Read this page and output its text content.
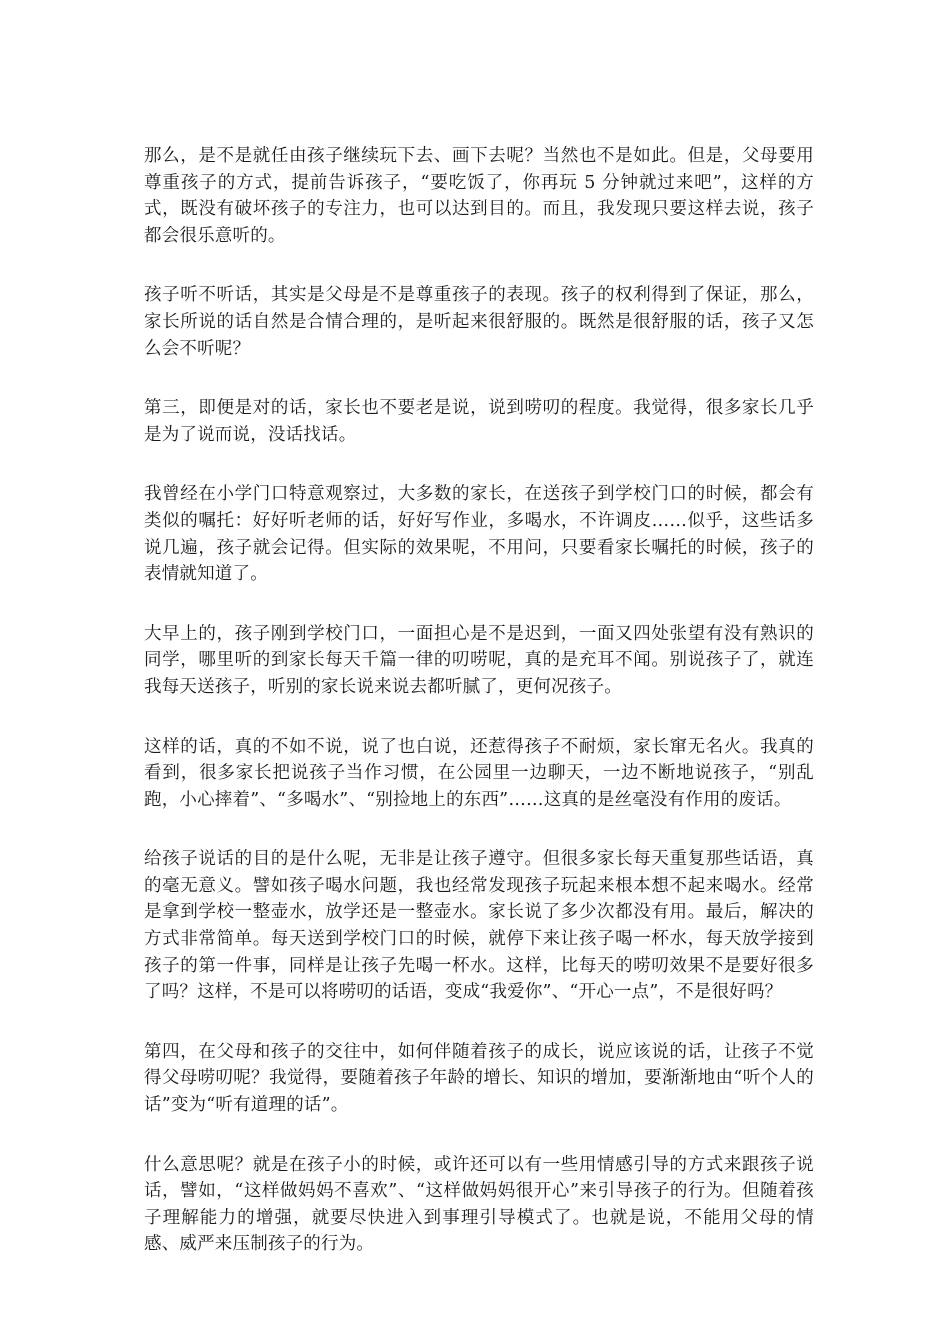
那么，是不是就任由孩子继续玩下去、画下去呢？当然也不是如此。但是，父母要用尊重孩子的方式，提前告诉孩子，“要吃饭了，你再玩 5 分钟就过来吧”，这样的方式，既没有破坏孩子的专注力，也可以达到目的。而且，我发现只要这样去说，孩子都会很乐意听的。

孩子听不听话，其实是父母是不是尊重孩子的表现。孩子的权利得到了保证，那么，家长所说的话自然是合情合理的，是听起来很舒服的。既然是很舒服的话，孩子又怎么会不听呢？

第三，即便是对的话，家长也不要老是说，说到唠叨的程度。我觉得，很多家长几乎是为了说而说，没话找话。

我曾经在小学门口特意观察过，大多数的家长，在送孩子到学校门口的时候，都会有类似的嘱托：好好听老师的话，好好写作业，多喝水，不许调皮……似乎，这些话多说几遍，孩子就会记得。但实际的效果呢，不用问，只要看家长嘱托的时候，孩子的表情就知道了。

大早上的，孩子刚到学校门口，一面担心是不是迟到，一面又四处张望有没有熟识的同学，哪里听的到家长每天千篇一律的叨唠呢，真的是充耳不闻。别说孩子了，就连我每天送孩子，听别的家长说来说去都听腻了，更何况孩子。

这样的话，真的不如不说，说了也白说，还惹得孩子不耐烦，家长窜无名火。我真的看到，很多家长把说孩子当作习惯，在公园里一边聊天，一边不断地说孩子，“别乱跑，小心摔着”、“多喝水”、“别捡地上的东西”……这真的是丝毫没有作用的废话。

给孩子说话的目的是什么呢，无非是让孩子遵守。但很多家长每天重复那些话语，真的毫无意义。譬如孩子喝水问题，我也经常发现孩子玩起来根本想不起来喝水。经常是拿到学校一整壶水，放学还是一整壶水。家长说了多少次都没有用。最后，解决的方式非常简单。每天送到学校门口的时候，就停下来让孩子喝一杯水，每天放学接到孩子的第一件事，同样是让孩子先喝一杯水。这样，比每天的唠叨效果不是要好很多了吗？这样，不是可以将唠叨的话语，变成“我爱你”、“开心一点”，不是很好吗？

第四，在父母和孩子的交往中，如何伴随着孩子的成长，说应该说的话，让孩子不觉得父母唠叨呢？我觉得，要随着孩子年龄的增长、知识的增加，要渐渐地由“听个人的话”变为“听有道理的话”。

什么意思呢？就是在孩子小的时候，或许还可以有一些用情感引导的方式来跟孩子说话，譬如，“这样做妈妈不喜欢”、“这样做妈妈很开心”来引导孩子的行为。但随着孩子理解能力的增强，就要尽快进入到事理引导模式了。也就是说，不能用父母的情感、威严来压制孩子的行为。
